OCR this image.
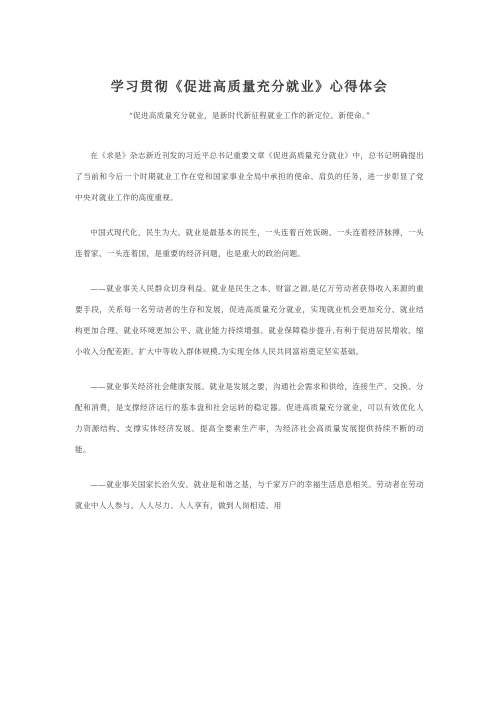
学习贯彻《促进高质量充分就业》心得体会

“促进高质量充分就业，是新时代新征程就业工作的新定位、新使命。”

在《求是》杂志新近刊发的习近平总书记重要文章《促进高质量充分就业》中，总书记明确提出了当前和今后一个时期就业工作在党和国家事业全局中承担的使命、肩负的任务，进一步彰显了党中央对就业工作的高度重视。

中国式现代化，民生为大。就业是最基本的民生，一头连着百姓饭碗、一头连着经济脉搏，一头连着家、一头连着国，是重要的经济问题，也是重大的政治问题。

——就业事关人民群众切身利益。就业是民生之本、财富之源,是亿万劳动者获得收入来源的重要手段，关系每一名劳动者的生存和发展，促进高质量充分就业，实现就业机会更加充分、就业结构更加合理、就业环境更加公平、就业能力持续增强、就业保障稳步提升,有利于促进居民增收、缩小收入分配差距、扩大中等收入群体规模,为实现全体人民共同富裕奠定坚实基础。

——就业事关经济社会健康发展。就业是发展之要，沟通社会需求和供给，连接生产、交换、分配和消费，是支撑经济运行的基本盘和社会运转的稳定器。促进高质量充分就业，可以有效优化人力资源结构、支撑实体经济发展、提高全要素生产率，为经济社会高质量发展提供持续不断的动能。

——就业事关国家长治久安。就业是和谐之基，与千家万户的幸福生活息息相关。劳动者在劳动就业中人人参与、人人尽力、人人享有，做到人岗相适、用
